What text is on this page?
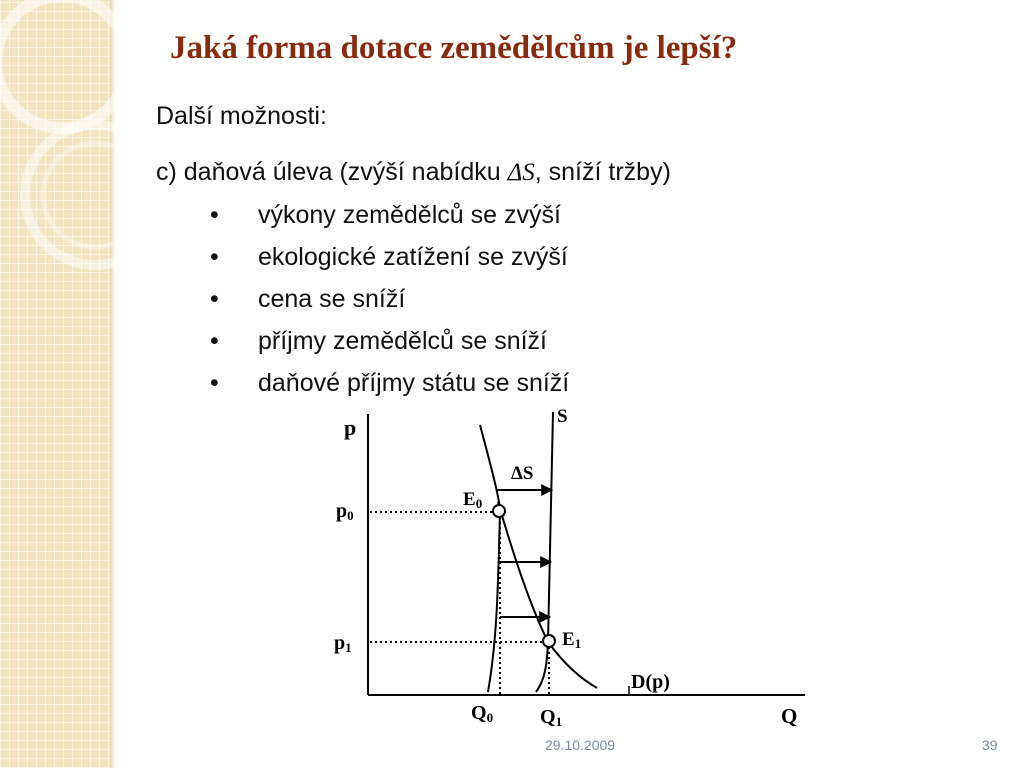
Jaká forma dotace zemědělcům je lepší?
Další možnosti:
c) daňová úleva (zvýší nabídku ΔS, sníží tržby)
• výkony zemědělců se zvýší
• ekologické zatížení se zvýší
• cena se sníží
• příjmy zemědělců se sníží
• daňové příjmy státu se sníží
p
Q
S
ΔS
D(p)
E0
E1
p0
p1
Q0 Q1
29.10.2009	39
